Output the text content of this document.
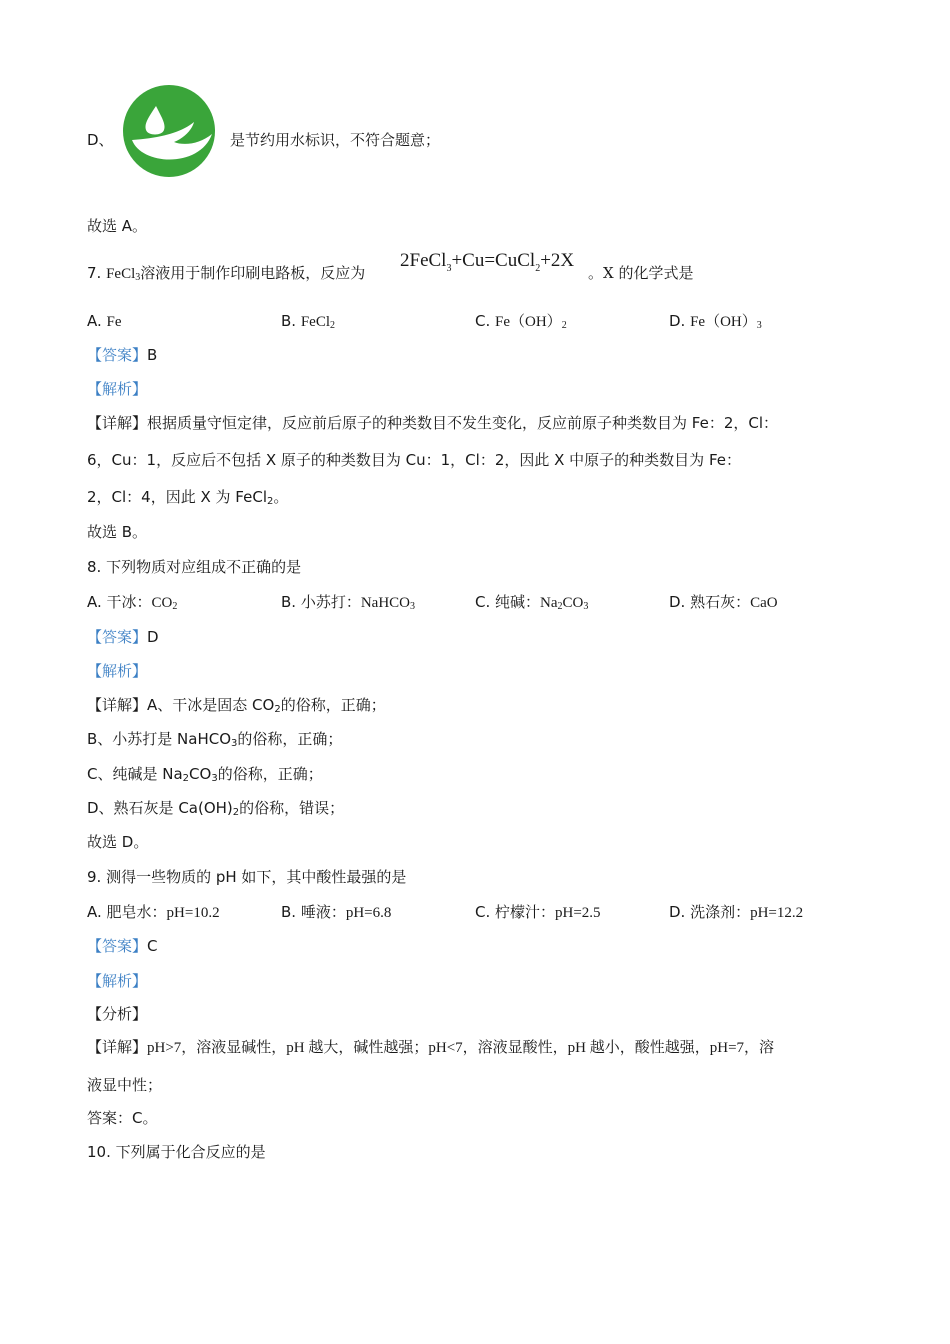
D、	是节约用水标识，不符合题意；
故选 A。
7. FeCl$_3$溶液用于制作印刷电路板，反应为
2FeCl$_3$+Cu=CuCl$_2$+2X
。X 的化学式是
A. Fe	B. FeCl$_2$	C. $Fe(OH)_2$	D. $Fe(OH)_3$
【答案】B
【解析】
【详解】根据质量守恒定律，反应前后原子的种类数目不发生变化，反应前原子种类数目为 Fe：2，Cl：
6，Cu：1，反应后不包括 X 原子的种类数目为 Cu：1，Cl：2，因此 X 中原子的种类数目为 Fe：
2，Cl：4，因此 X 为 FeCl$_2$。
故选 B。
8. 下列物质对应组成不正确的是
A. 干冰：$CO_2$	B. 小苏打：NaHCO$_3$	C. 纯碱：$Na_2CO_3$	D. 熟石灰：CaO
【答案】D
【解析】
【详解】A、干冰是固态 $CO_2$的俗称，正确；
B、小苏打是 NaHCO$_3$的俗称，正确；
C、纯碱是 $Na_2CO_3$的俗称，正确；
D、熟石灰是 $Ca(OH)_2$的俗称，错误；
故选 D。
9. 测得一些物质的 pH 如下，其中酸性最强的是
A. 肥皂水：pH=10.2	B. 唾液：pH=6.8	C. 柠檬汁：pH=2.5	D. 洗涤剂：pH=12.2
【答案】C
【解析】
【分析】
【详解】pH>7，溶液显碱性，pH 越大，碱性越强；pH<7，溶液显酸性，pH 越小，酸性越强，pH=7，溶
液显中性；
答案：C。
10. 下列属于化合反应的是
